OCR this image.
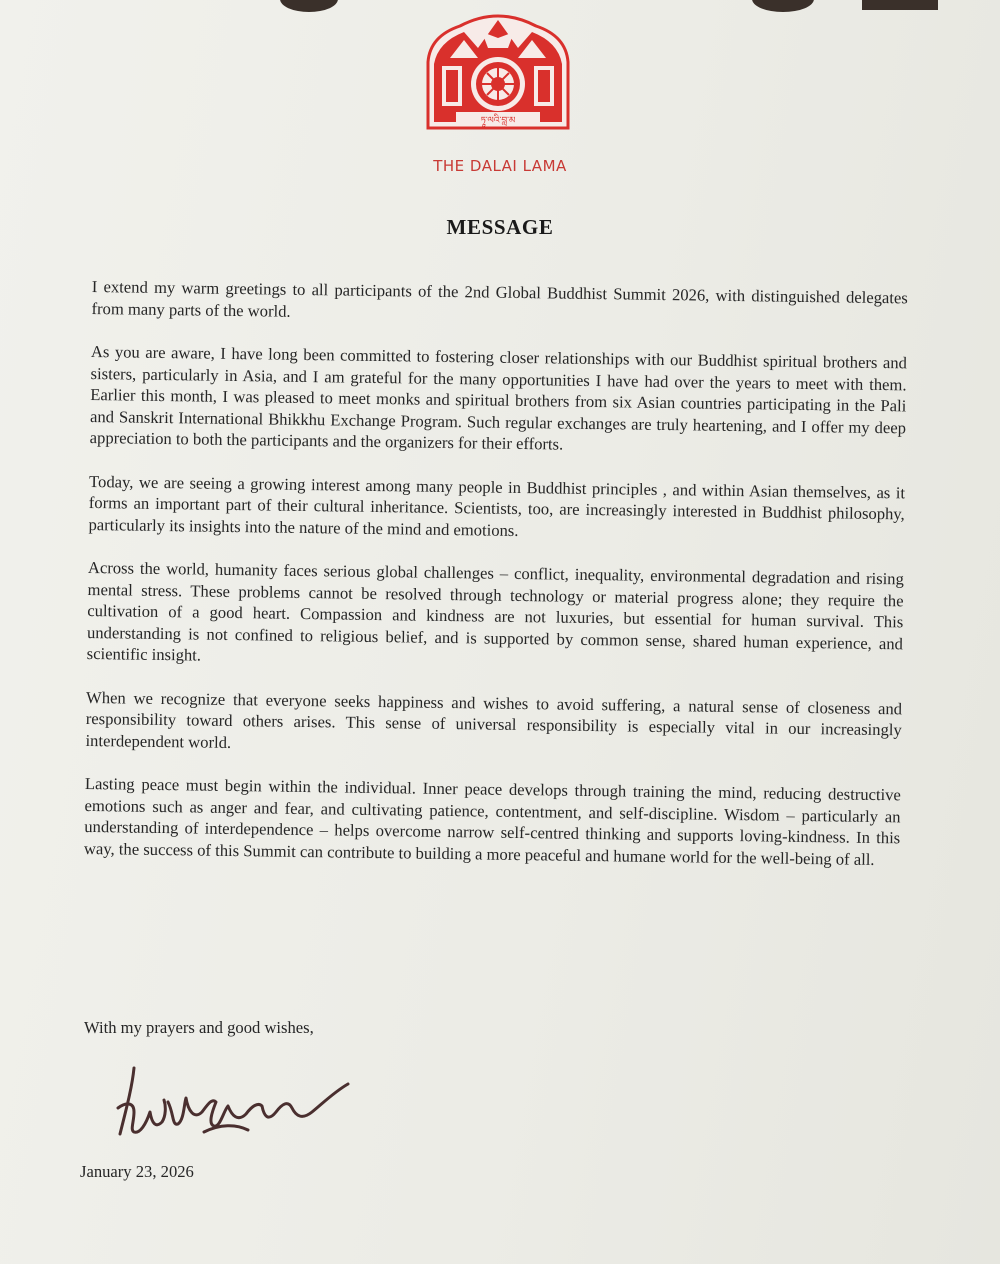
ཏཱ་ལའི་བླ་མ
THE DALAI LAMA
MESSAGE

I extend my warm greetings to all participants of the 2nd Global Buddhist Summit 2026, with distinguished delegates from many parts of the world.

As you are aware, I have long been committed to fostering closer relationships with our Buddhist spiritual brothers and sisters, particularly in Asia, and I am grateful for the many opportunities I have had over the years to meet with them. Earlier this month, I was pleased to meet monks and spiritual brothers from six Asian countries participating in the Pali and Sanskrit International Bhikkhu Exchange Program. Such regular exchanges are truly heartening, and I offer my deep appreciation to both the participants and the organizers for their efforts.

Today, we are seeing a growing interest among many people in Buddhist principles , and within Asian themselves, as it forms an important part of their cultural inheritance. Scientists, too, are increasingly interested in Buddhist philosophy, particularly its insights into the nature of the mind and emotions.

Across the world, humanity faces serious global challenges – conflict, inequality, environmental degradation and rising mental stress. These problems cannot be resolved through technology or material progress alone; they require the cultivation of a good heart. Compassion and kindness are not luxuries, but essential for human survival. This understanding is not confined to religious belief, and is supported by common sense, shared human experience, and scientific insight.

When we recognize that everyone seeks happiness and wishes to avoid suffering, a natural sense of closeness and responsibility toward others arises. This sense of universal responsibility is especially vital in our increasingly interdependent world.

Lasting peace must begin within the individual. Inner peace develops through training the mind, reducing destructive emotions such as anger and fear, and cultivating patience, contentment, and self-discipline. Wisdom – particularly an understanding of interdependence – helps overcome narrow self-centred thinking and supports loving-kindness. In this way, the success of this Summit can contribute to building a more peaceful and humane world for the well-being of all.

With my prayers and good wishes,
January 23, 2026
